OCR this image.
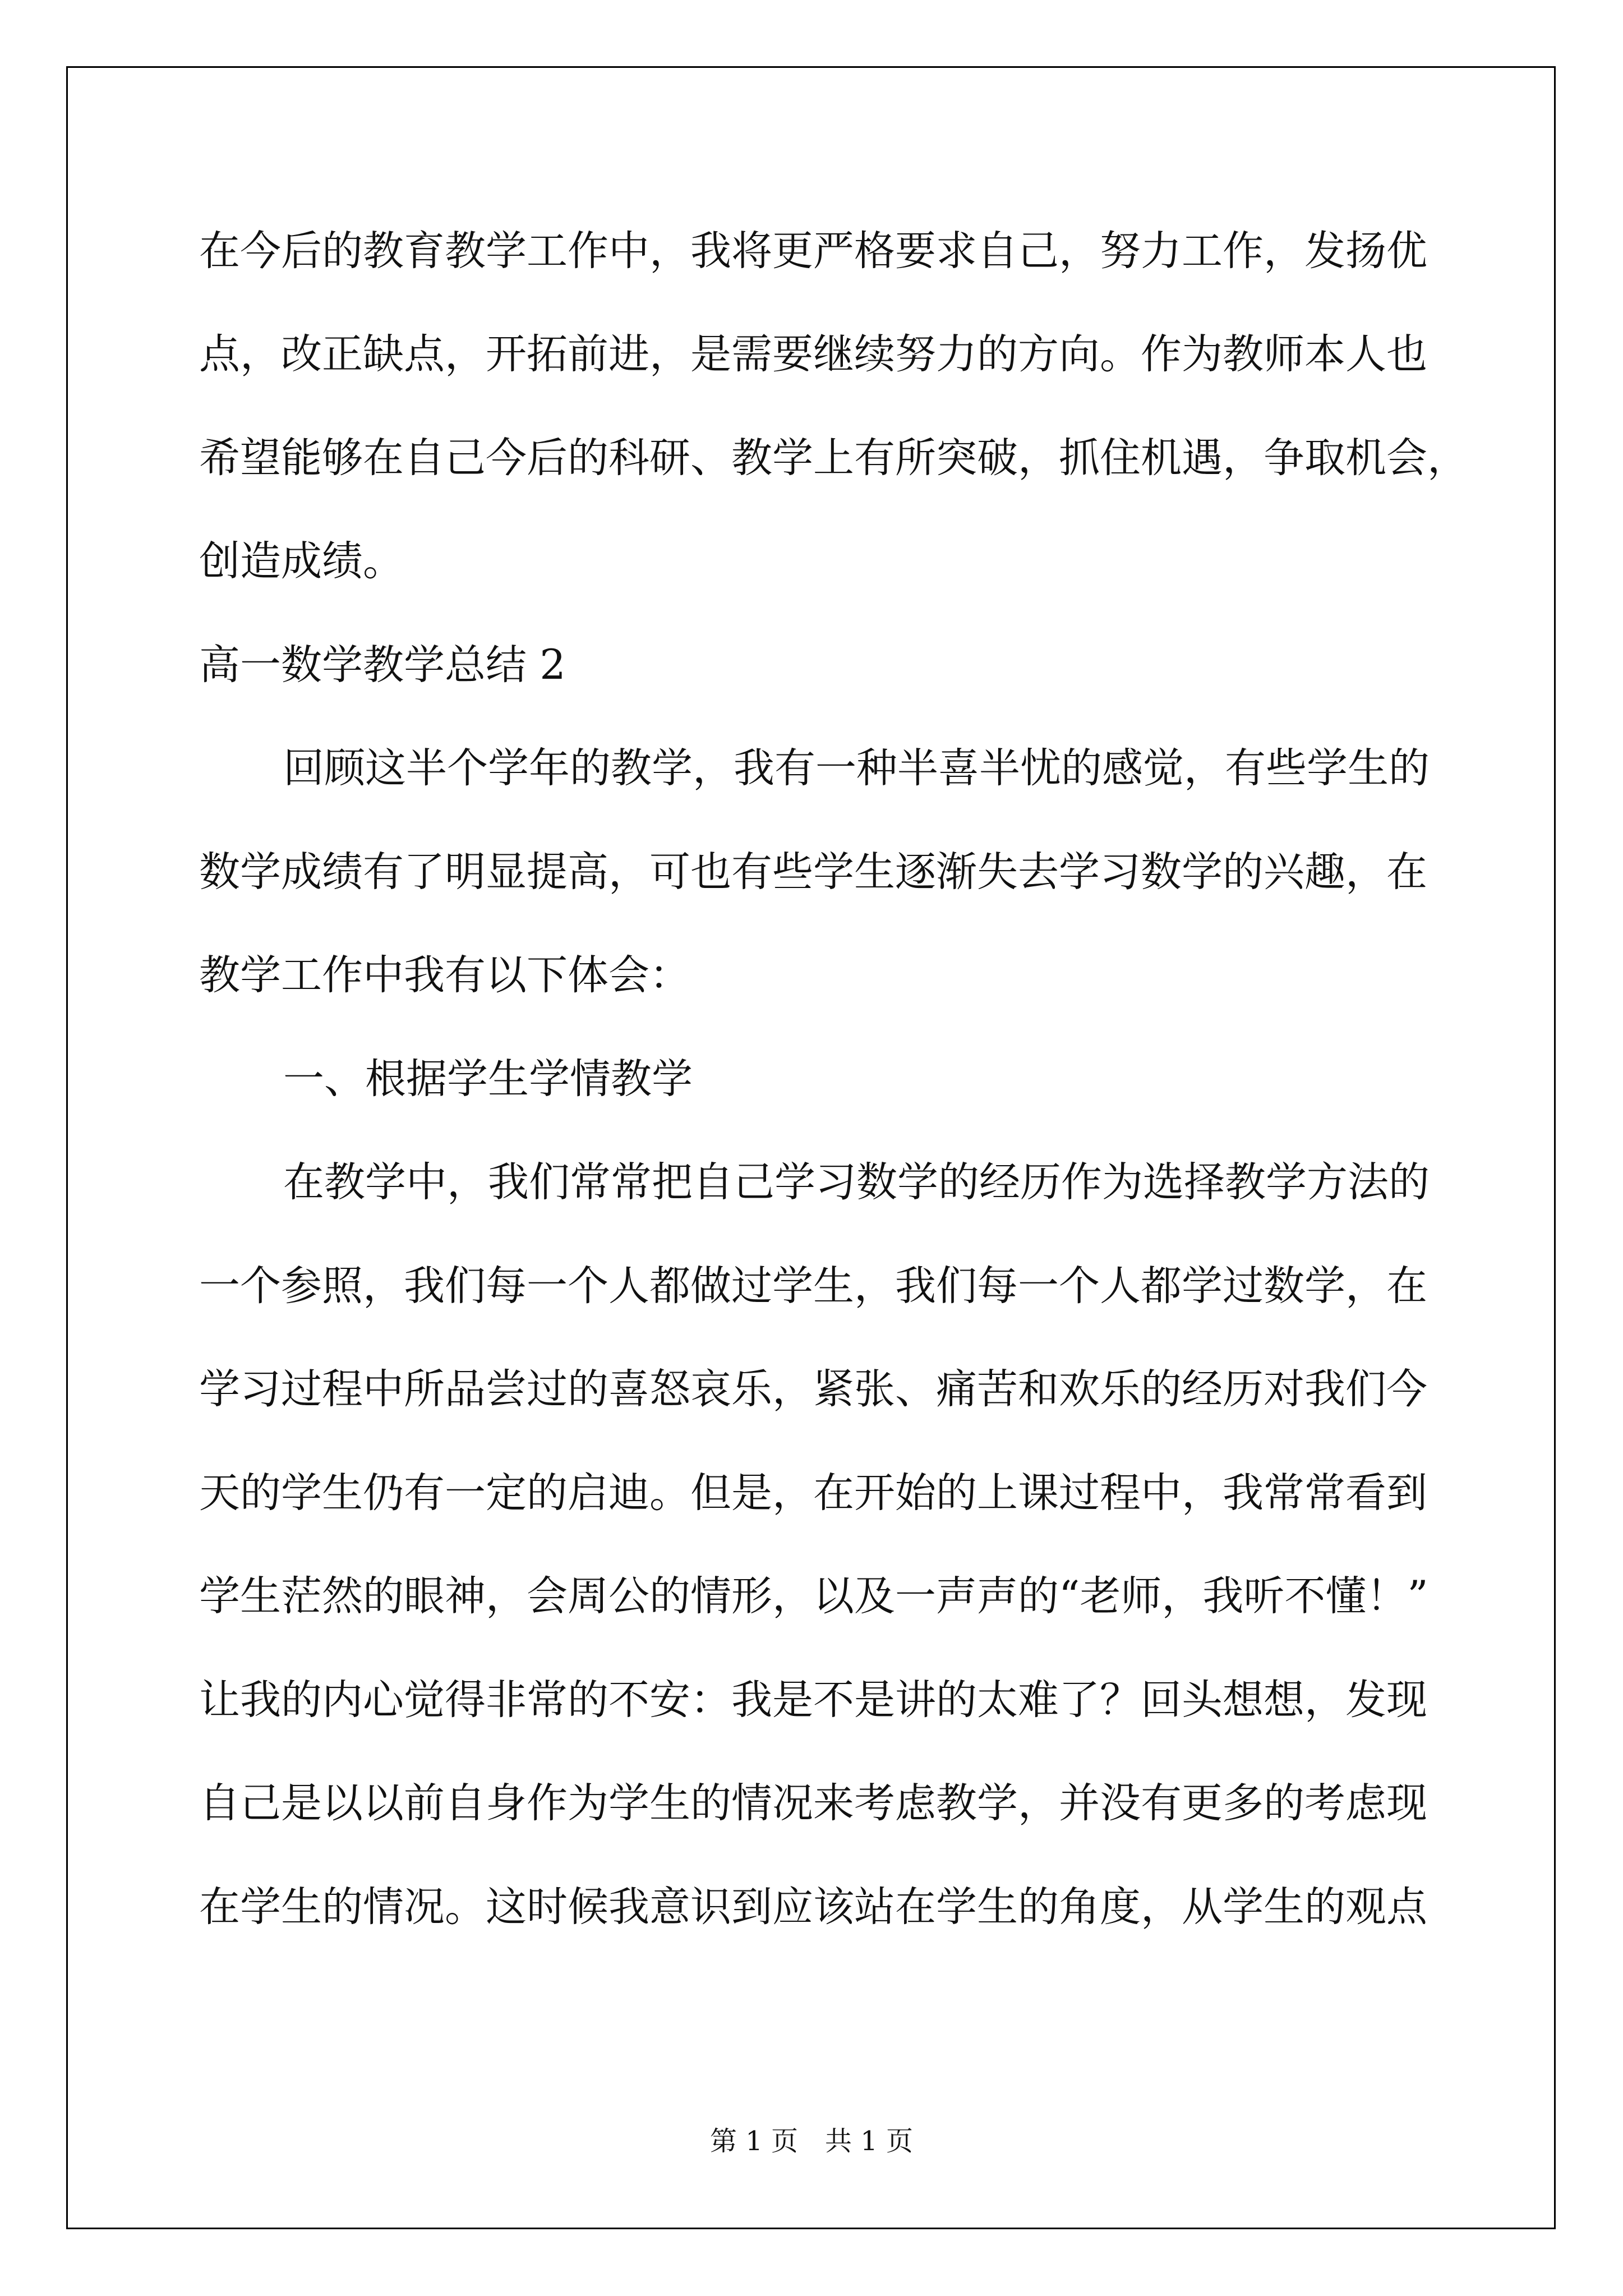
在今后的教育教学工作中，我将更严格要求自己，努力工作，发扬优
点，改正缺点，开拓前进，是需要继续努力的方向。作为教师本人也
希望能够在自己今后的科研、教学上有所突破，抓住机遇，争取机会，
创造成绩。
高一数学教学总结 2
回顾这半个学年的教学，我有一种半喜半忧的感觉，有些学生的
数学成绩有了明显提高，可也有些学生逐渐失去学习数学的兴趣，在
教学工作中我有以下体会：
一、根据学生学情教学
在教学中，我们常常把自己学习数学的经历作为选择教学方法的
一个参照，我们每一个人都做过学生，我们每一个人都学过数学，在
学习过程中所品尝过的喜怒哀乐，紧张、痛苦和欢乐的经历对我们今
天的学生仍有一定的启迪。但是，在开始的上课过程中，我常常看到
学生茫然的眼神，会周公的情形，以及一声声的“老师，我听不懂！”
让我的内心觉得非常的不安：我是不是讲的太难了？回头想想，发现
自己是以以前自身作为学生的情况来考虑教学，并没有更多的考虑现
在学生的情况。这时候我意识到应该站在学生的角度，从学生的观点
第 1 页　共 1 页
